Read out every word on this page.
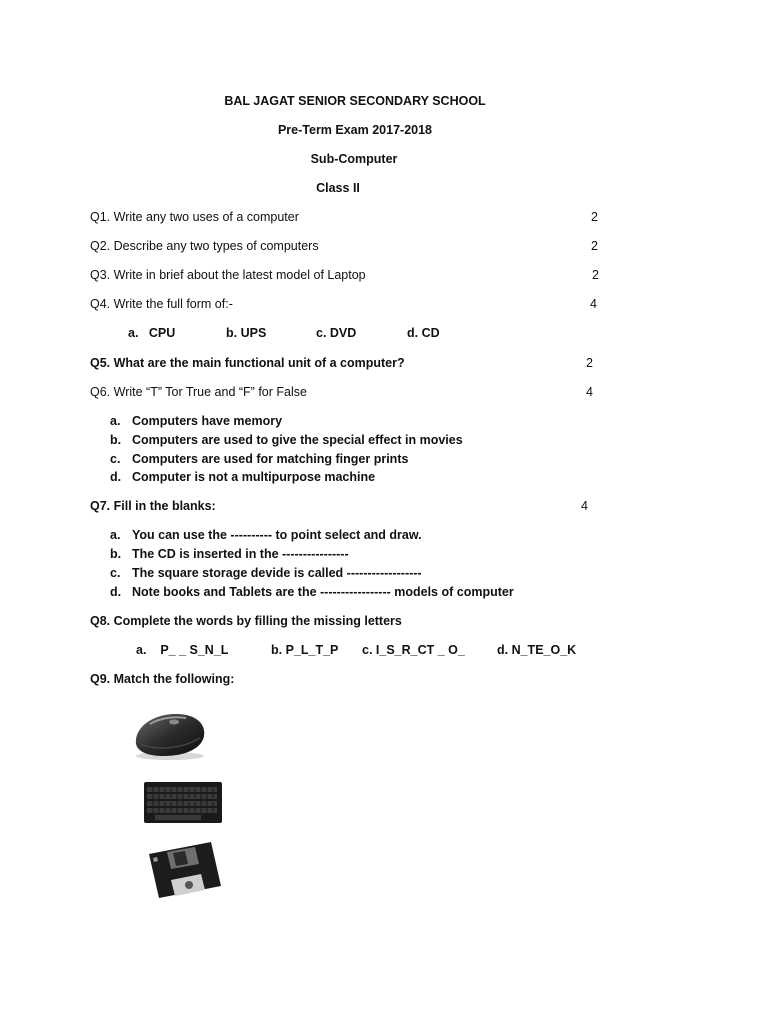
BAL JAGAT SENIOR SECONDARY SCHOOL
Pre-Term Exam 2017-2018
Sub-Computer
Class II
Q1. Write any two uses of a computer	2
Q2. Describe any two types of computers	2
Q3. Write in brief about the latest model of Laptop	2
Q4. Write the full form of:-	4
a.   CPU	b. UPS	c. DVD	d. CD
Q5. What are the main functional unit of a computer?	2
Q6. Write “T” Tor True and “F” for False	4
a. Computers have memory
b. Computers are used to give the special effect in movies
c. Computers are used for matching finger prints
d. Computer is not a multipurpose machine
Q7. Fill in the blanks:	4
a. You can use the ---------- to point select and draw.
b. The CD is inserted in the ----------------
c. The square storage devide is called ------------------
d. Note books and Tablets are the ----------------- models of computer
Q8. Complete the words by filling the missing letters
a.    P_ _ S_N_L	b. P_L_T_P c. I_S_R_CT _ O_	d. N_TE_O_K
Q9. Match the following:
